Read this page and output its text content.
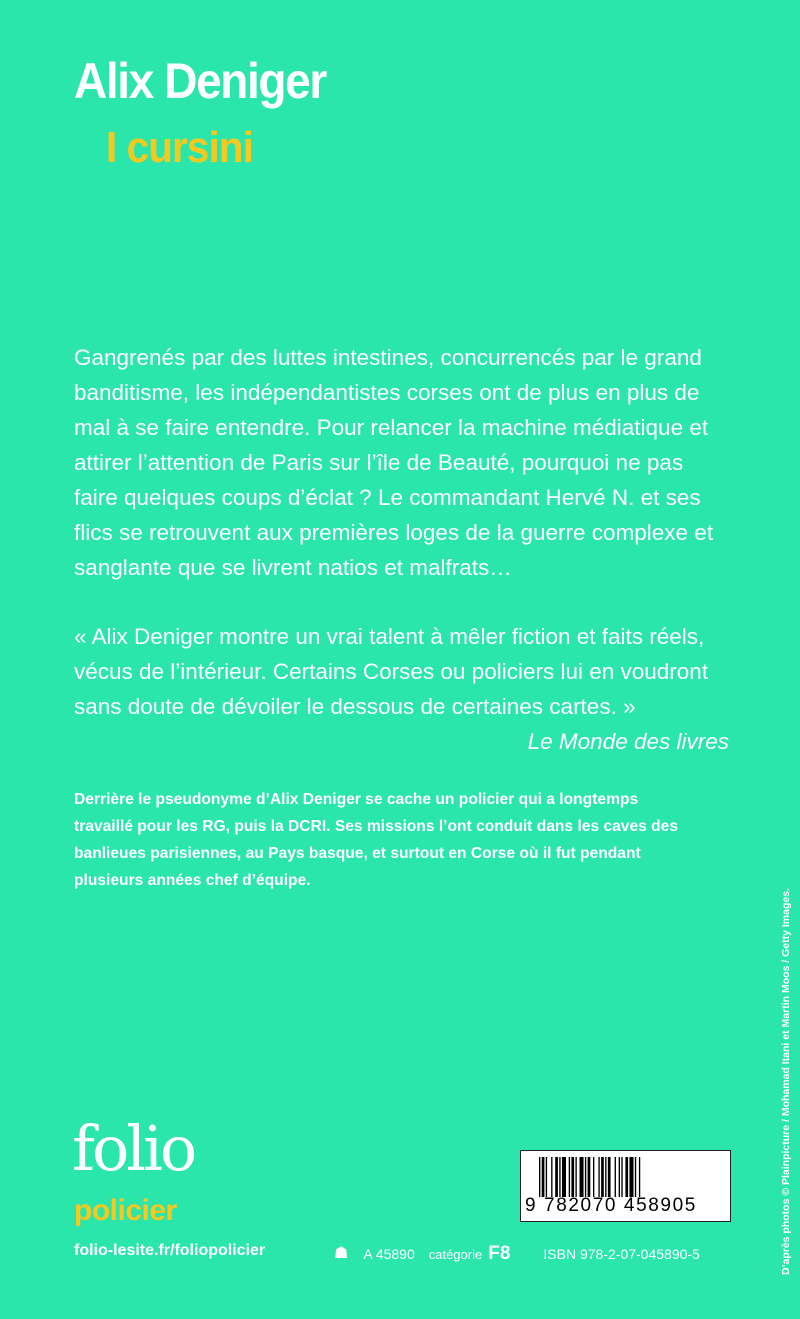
Alix Deniger
I cursini
Gangrenés par des luttes intestines, concurrencés par le grand
banditisme, les indépendantistes corses ont de plus en plus de
mal à se faire entendre. Pour relancer la machine médiatique et
attirer l’attention de Paris sur l’île de Beauté, pourquoi ne pas
faire quelques coups d’éclat ? Le commandant Hervé N. et ses
flics se retrouvent aux premières loges de la guerre complexe et
sanglante que se livrent natios et malfrats…
« Alix Deniger montre un vrai talent à mêler fiction et faits réels,
vécus de l’intérieur. Certains Corses ou policiers lui en voudront
sans doute de dévoiler le dessous de certaines cartes. »
Le Monde des livres
Derrière le pseudonyme d’Alix Deniger se cache un policier qui a longtemps
travaillé pour les RG, puis la DCRI. Ses missions l’ont conduit dans les caves des
banlieues parisiennes, au Pays basque, et surtout en Corse où il fut pendant
plusieurs années chef d’équipe.
D’après photos © Plainpicture / Mohamad Itani et Martin Moos / Getty Images.
folio
policier
folio-lesite.fr/foliopolicier	☗ A 45890 catégorie F8 ISBN 978-2-07-045890-5
9 782070 458905
